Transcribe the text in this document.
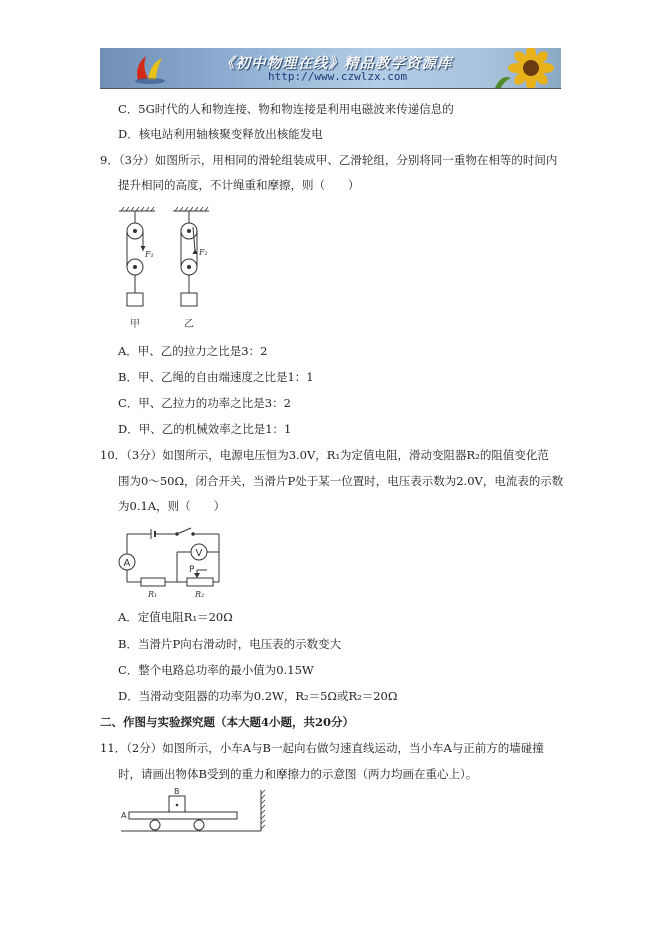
《初中物理在线》精品教学资源库
http://www.czwlzx.com
C．5G时代的人和物连接、物和物连接是利用电磁波来传递信息的
D．核电站利用轴核聚变释放出核能发电
9．（3分）如图所示，用相同的滑轮组装成甲、乙滑轮组，分别将同一重物在相等的时间内
提升相同的高度，不计绳重和摩擦，则（　　）
F₁	F₂
甲	乙
A．甲、乙的拉力之比是3：2
B．甲、乙绳的自由端速度之比是1：1
C．甲、乙拉力的功率之比是3：2
D．甲、乙的机械效率之比是1：1
10．（3分）如图所示，电源电压恒为3.0V，R₁为定值电阻，滑动变阻器R₂的阻值变化范
围为0～50Ω，闭合开关，当滑片P处于某一位置时，电压表示数为2.0V，电流表的示数
为0.1A，则（　　）
A
V
P
R₁	R₂
A．定值电阻R₁＝20Ω
B．当滑片P向右滑动时，电压表的示数变大
C．整个电路总功率的最小值为0.15W
D．当滑动变阻器的功率为0.2W，R₂＝5Ω或R₂＝20Ω
二、作图与实验探究题（本大题4小题，共20分）
11．（2分）如图所示，小车A与B一起向右做匀速直线运动，当小车A与正前方的墙碰撞
时，请画出物体B受到的重力和摩擦力的示意图（两力均画在重心上）。
B
A
